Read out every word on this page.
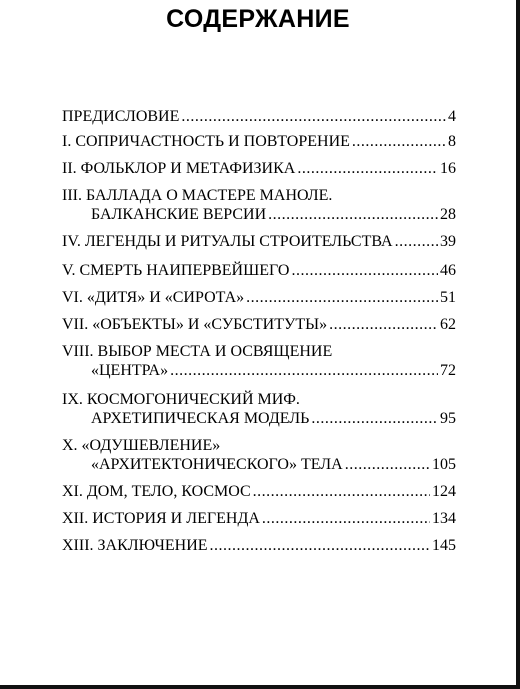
СОДЕРЖАНИЕ
ПРЕДИСЛОВИЕ .....	4
I. СОПРИЧАСТНОСТЬ И ПОВТОРЕНИЕ .....	8
II. ФОЛЬКЛОР И МЕТАФИЗИКА .....	16
III. БАЛЛАДА О МАСТЕРЕ МАНОЛЕ.
БАЛКАНСКИЕ ВЕРСИИ .....	28
IV. ЛЕГЕНДЫ И РИТУАЛЫ СТРОИТЕЛЬСТВА .....	39
V. СМЕРТЬ НАИПЕРВЕЙШЕГО .....	46
VI. «ДИТЯ» И «СИРОТА» .....	51
VII. «ОБЪЕКТЫ» И «СУБСТИТУТЫ» .....	62
VIII. ВЫБОР МЕСТА И ОСВЯЩЕНИЕ
«ЦЕНТРА» .....	72
IX. КОСМОГОНИЧЕСКИЙ МИФ.
АРХЕТИПИЧЕСКАЯ МОДЕЛЬ .....	95
X. «ОДУШЕВЛЕНИЕ»
«АРХИТЕКТОНИЧЕСКОГО» ТЕЛА .....	105
XI. ДОМ, ТЕЛО, КОСМОС .....	124
XII. ИСТОРИЯ И ЛЕГЕНДА .....	134
XIII. ЗАКЛЮЧЕНИЕ .....	145
